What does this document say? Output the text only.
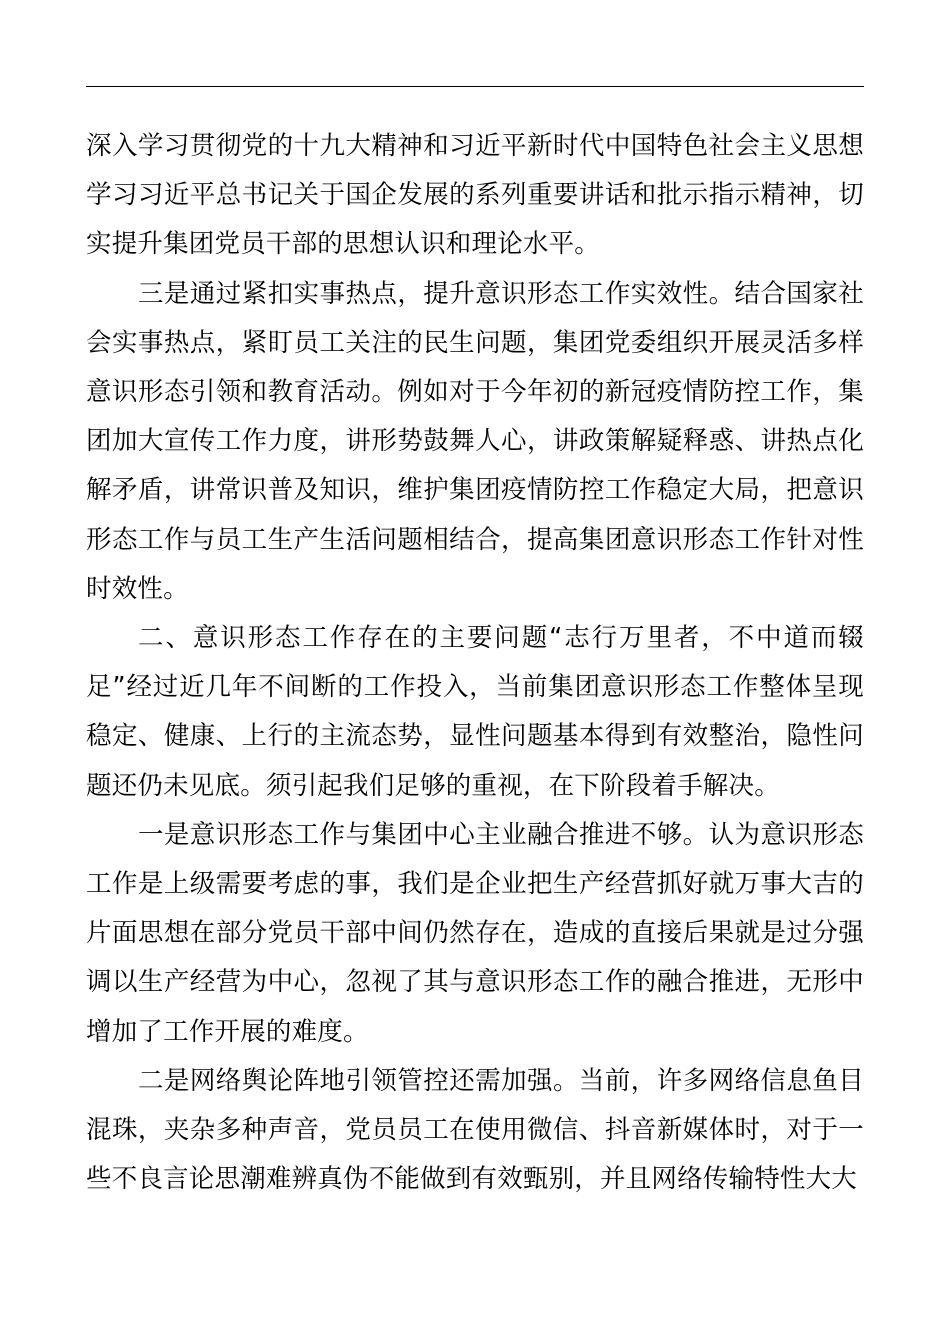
深入学习贯彻党的十九大精神和习近平新时代中国特色社会主义思想学习习近平总书记关于国企发展的系列重要讲话和批示指示精神，切实提升集团党员干部的思想认识和理论水平。

三是通过紧扣实事热点，提升意识形态工作实效性。结合国家社会实事热点，紧盯员工关注的民生问题，集团党委组织开展灵活多样意识形态引领和教育活动。例如对于今年初的新冠疫情防控工作，集团加大宣传工作力度，讲形势鼓舞人心，讲政策解疑释惑、讲热点化解矛盾，讲常识普及知识，维护集团疫情防控工作稳定大局，把意识形态工作与员工生产生活问题相结合，提高集团意识形态工作针对性时效性。

二、意识形态工作存在的主要问题“志行万里者，不中道而辍足”经过近几年不间断的工作投入，当前集团意识形态工作整体呈现稳定、健康、上行的主流态势，显性问题基本得到有效整治，隐性问题还仍未见底。须引起我们足够的重视，在下阶段着手解决。

一是意识形态工作与集团中心主业融合推进不够。认为意识形态工作是上级需要考虑的事，我们是企业把生产经营抓好就万事大吉的片面思想在部分党员干部中间仍然存在，造成的直接后果就是过分强调以生产经营为中心，忽视了其与意识形态工作的融合推进，无形中增加了工作开展的难度。

二是网络舆论阵地引领管控还需加强。当前，许多网络信息鱼目混珠，夹杂多种声音，党员员工在使用微信、抖音新媒体时，对于一些不良言论思潮难辨真伪不能做到有效甄别，并且网络传输特性大大
